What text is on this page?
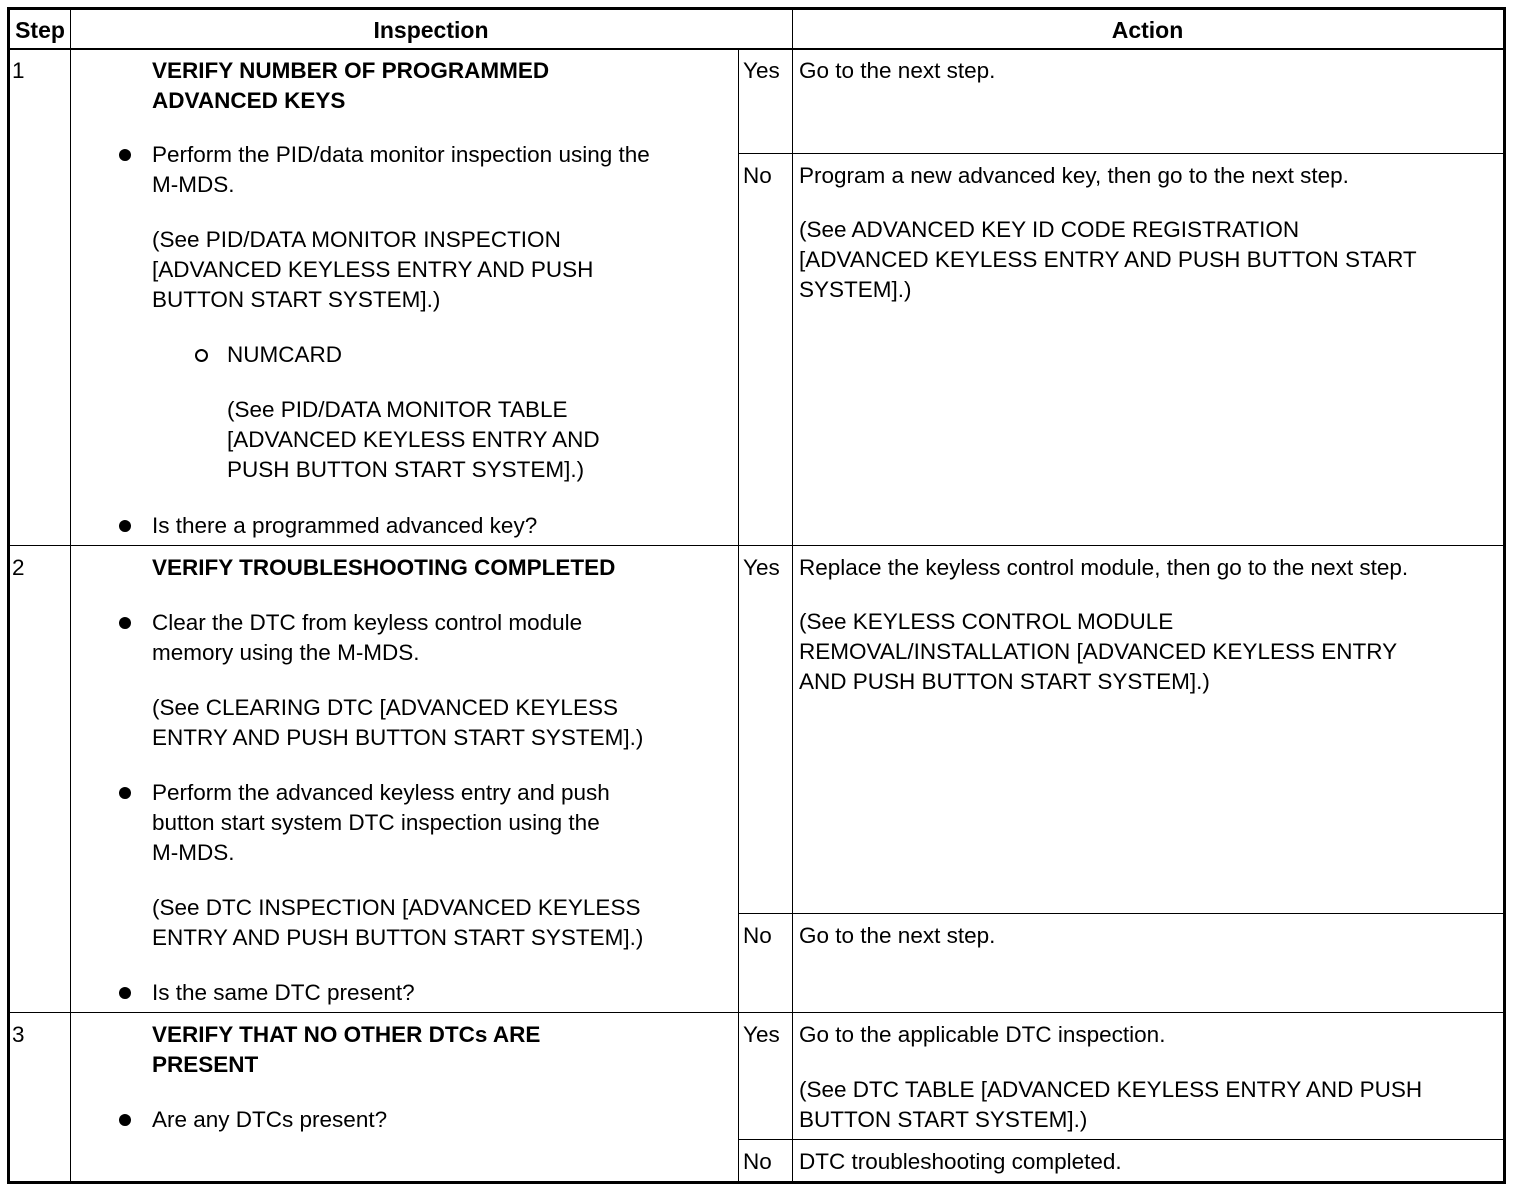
Step	Inspection	Action
1	VERIFY NUMBER OF PROGRAMMED
ADVANCED KEYS
Perform the PID/data monitor inspection using the
M-MDS.
(See PID/DATA MONITOR INSPECTION
[ADVANCED KEYLESS ENTRY AND PUSH
BUTTON START SYSTEM].)
NUMCARD
(See PID/DATA MONITOR TABLE
[ADVANCED KEYLESS ENTRY AND
PUSH BUTTON START SYSTEM].)
Is there a programmed advanced key?
Yes Go to the next step.
No Program a new advanced key, then go to the next step.
(See ADVANCED KEY ID CODE REGISTRATION
[ADVANCED KEYLESS ENTRY AND PUSH BUTTON START
SYSTEM].)
2	VERIFY TROUBLESHOOTING COMPLETED
Clear the DTC from keyless control module
memory using the M-MDS.
(See CLEARING DTC [ADVANCED KEYLESS
ENTRY AND PUSH BUTTON START SYSTEM].)
Perform the advanced keyless entry and push
button start system DTC inspection using the
M-MDS.
(See DTC INSPECTION [ADVANCED KEYLESS
ENTRY AND PUSH BUTTON START SYSTEM].)
Is the same DTC present?
Yes Replace the keyless control module, then go to the next step.
(See KEYLESS CONTROL MODULE
REMOVAL/INSTALLATION [ADVANCED KEYLESS ENTRY
AND PUSH BUTTON START SYSTEM].)
No Go to the next step.
3	VERIFY THAT NO OTHER DTCs ARE
PRESENT
Are any DTCs present?
Yes Go to the applicable DTC inspection.
(See DTC TABLE [ADVANCED KEYLESS ENTRY AND PUSH
BUTTON START SYSTEM].)
No DTC troubleshooting completed.
